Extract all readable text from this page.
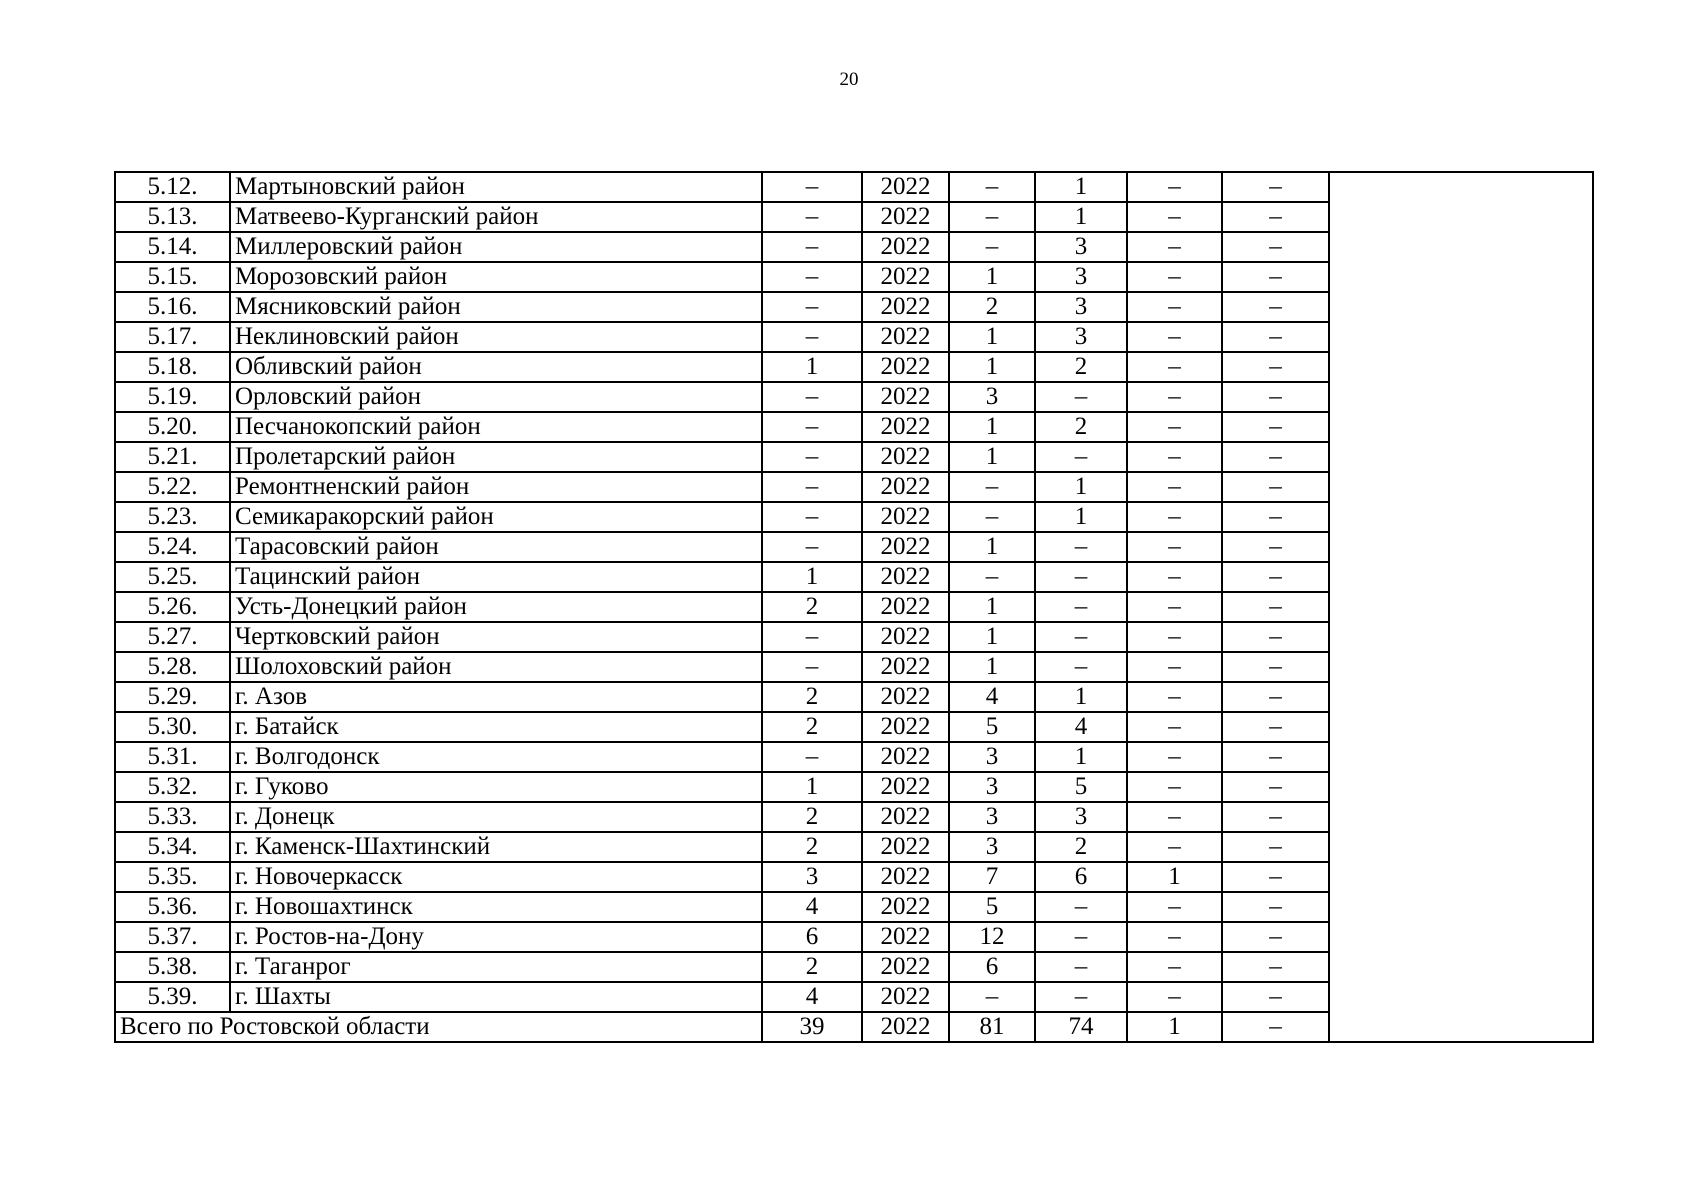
20
5.12.	Мартыновский район	–	2022	–	1	–	–	
5.13.	Матвеево-Курганский район	–	2022	–	1	–	–	
5.14.	Миллеровский район	–	2022	–	3	–	–	
5.15.	Морозовский район	–	2022	1	3	–	–	
5.16.	Мясниковский район	–	2022	2	3	–	–	
5.17.	Неклиновский район	–	2022	1	3	–	–	
5.18.	Обливский район	1	2022	1	2	–	–	
5.19.	Орловский район	–	2022	3	–	–	–	
5.20.	Песчанокопский район	–	2022	1	2	–	–	
5.21.	Пролетарский район	–	2022	1	–	–	–	
5.22.	Ремонтненский район	–	2022	–	1	–	–	
5.23.	Семикаракорский район	–	2022	–	1	–	–	
5.24.	Тарасовский район	–	2022	1	–	–	–	
5.25.	Тацинский район	1	2022	–	–	–	–	
5.26.	Усть-Донецкий район	2	2022	1	–	–	–	
5.27.	Чертковский район	–	2022	1	–	–	–	
5.28.	Шолоховский район	–	2022	1	–	–	–	
5.29.	г. Азов	2	2022	4	1	–	–	
5.30.	г. Батайск	2	2022	5	4	–	–	
5.31.	г. Волгодонск	–	2022	3	1	–	–	
5.32.	г. Гуково	1	2022	3	5	–	–	
5.33.	г. Донецк	2	2022	3	3	–	–	
5.34.	г. Каменск-Шахтинский	2	2022	3	2	–	–	
5.35.	г. Новочеркасск	3	2022	7	6	1	–	
5.36.	г. Новошахтинск	4	2022	5	–	–	–	
5.37.	г. Ростов-на-Дону	6	2022	12	–	–	–	
5.38.	г. Таганрог	2	2022	6	–	–	–	
5.39.	г. Шахты	4	2022	–	–	–	–	
Всего по Ростовской области		39	2022	81	74	1	–	
